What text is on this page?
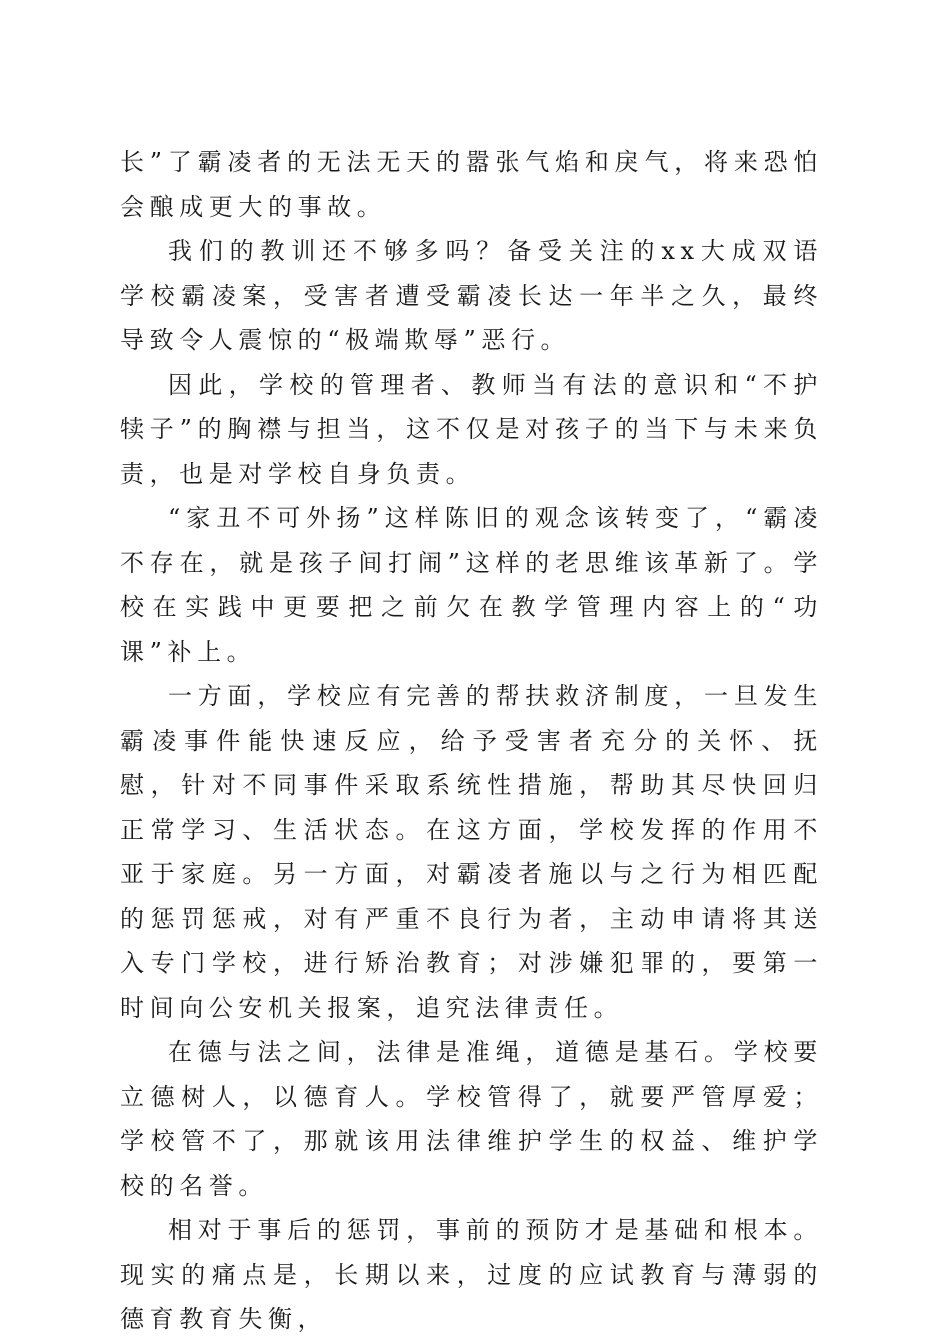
长”了霸凌者的无法无天的嚣张气焰和戾气，将来恐怕会酿成更大的事故。

我们的教训还不够多吗？备受关注的xx大成双语学校霸凌案，受害者遭受霸凌长达一年半之久，最终导致令人震惊的“极端欺辱”恶行。

因此，学校的管理者、教师当有法的意识和“不护犊子”的胸襟与担当，这不仅是对孩子的当下与未来负责，也是对学校自身负责。

“家丑不可外扬”这样陈旧的观念该转变了，“霸凌不存在，就是孩子间打闹”这样的老思维该革新了。学校在实践中更要把之前欠在教学管理内容上的“功课”补上。

一方面，学校应有完善的帮扶救济制度，一旦发生霸凌事件能快速反应，给予受害者充分的关怀、抚慰，针对不同事件采取系统性措施，帮助其尽快回归正常学习、生活状态。在这方面，学校发挥的作用不亚于家庭。另一方面，对霸凌者施以与之行为相匹配的惩罚惩戒，对有严重不良行为者，主动申请将其送入专门学校，进行矫治教育；对涉嫌犯罪的，要第一时间向公安机关报案，追究法律责任。

在德与法之间，法律是准绳，道德是基石。学校要立德树人，以德育人。学校管得了，就要严管厚爱；学校管不了，那就该用法律维护学生的权益、维护学校的名誉。

相对于事后的惩罚，事前的预防才是基础和根本。现实的痛点是，长期以来，过度的应试教育与薄弱的德育教育失衡，
